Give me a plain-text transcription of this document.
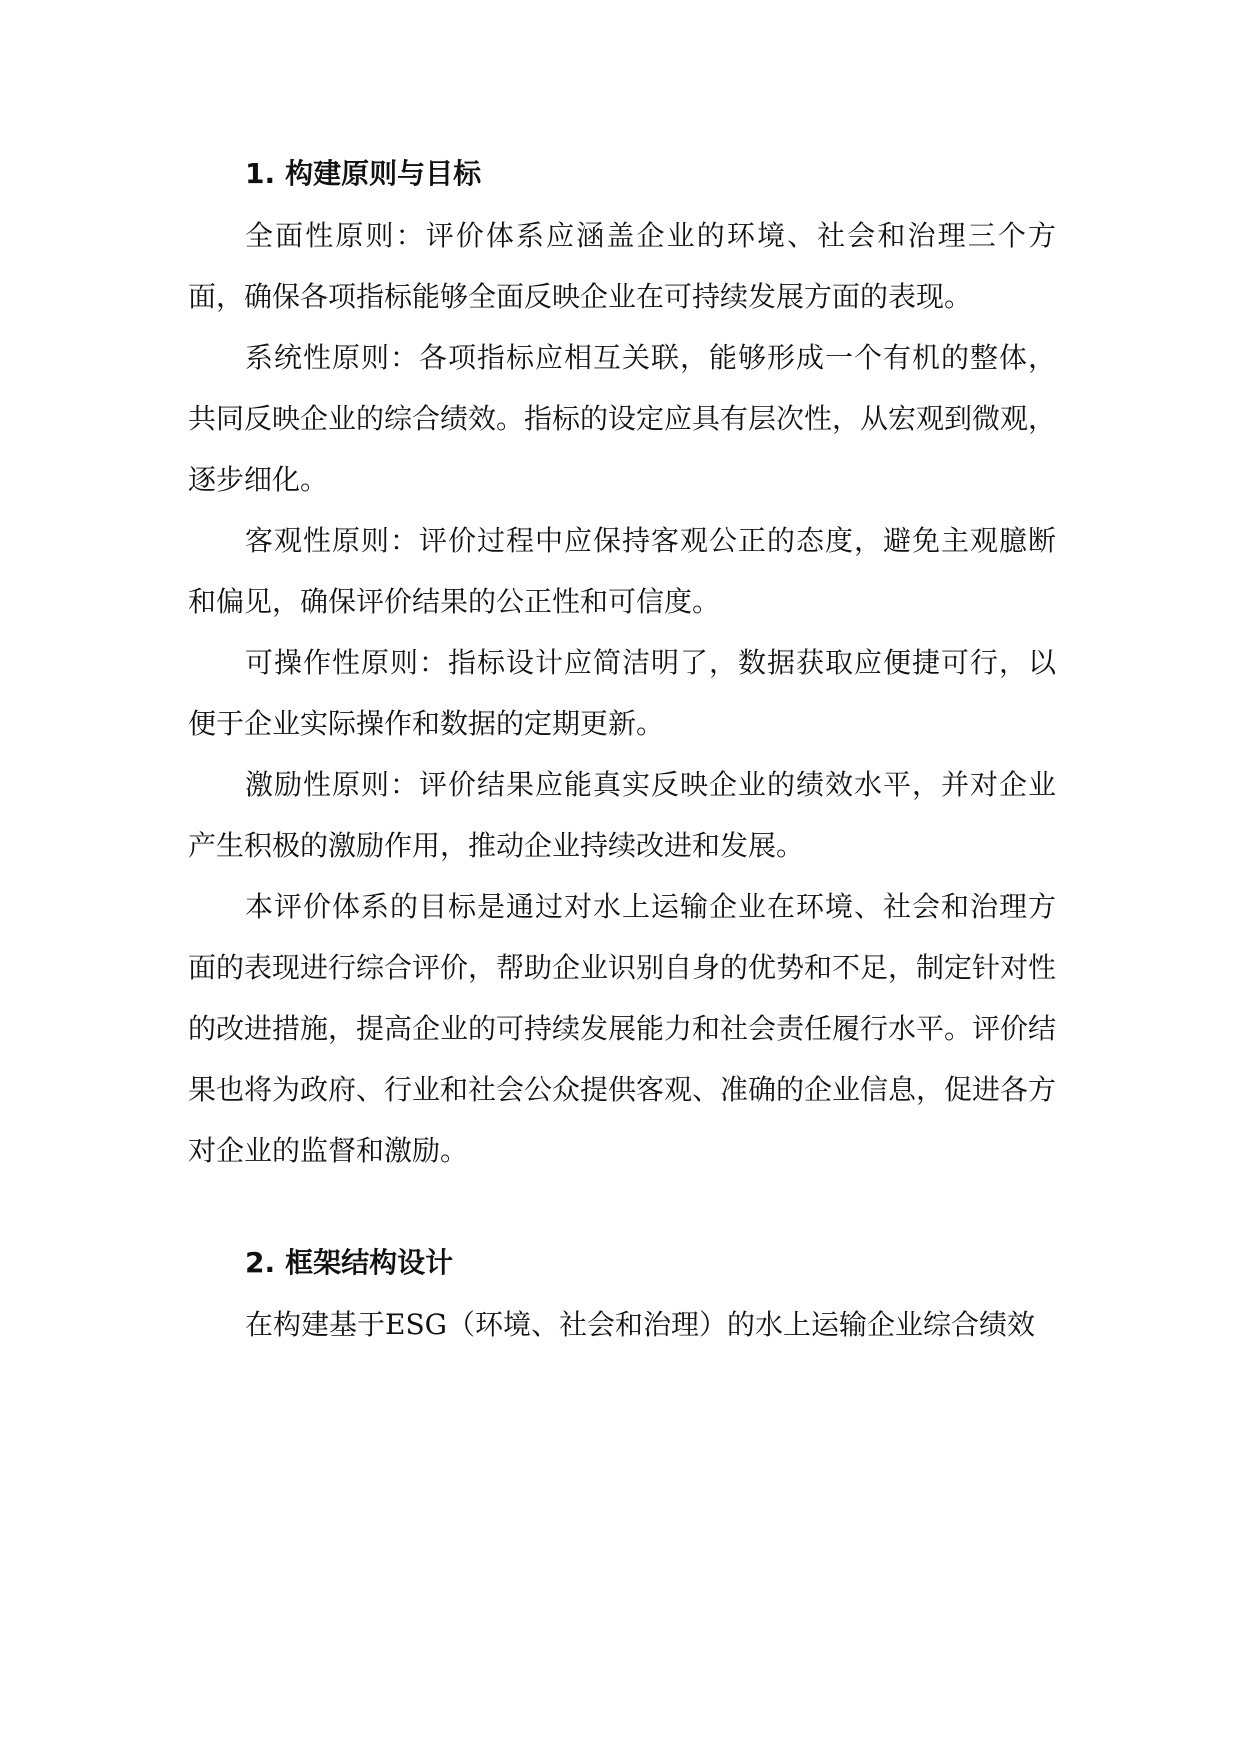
1. 构建原则与目标

全面性原则：评价体系应涵盖企业的环境、社会和治理三个方面，确保各项指标能够全面反映企业在可持续发展方面的表现。

系统性原则：各项指标应相互关联，能够形成一个有机的整体，共同反映企业的综合绩效。指标的设定应具有层次性，从宏观到微观，逐步细化。

客观性原则：评价过程中应保持客观公正的态度，避免主观臆断和偏见，确保评价结果的公正性和可信度。

可操作性原则：指标设计应简洁明了，数据获取应便捷可行，以便于企业实际操作和数据的定期更新。

激励性原则：评价结果应能真实反映企业的绩效水平，并对企业产生积极的激励作用，推动企业持续改进和发展。

本评价体系的目标是通过对水上运输企业在环境、社会和治理方面的表现进行综合评价，帮助企业识别自身的优势和不足，制定针对性的改进措施，提高企业的可持续发展能力和社会责任履行水平。评价结果也将为政府、行业和社会公众提供客观、准确的企业信息，促进各方对企业的监督和激励。

2. 框架结构设计

在构建基于ESG（环境、社会和治理）的水上运输企业综合绩效
